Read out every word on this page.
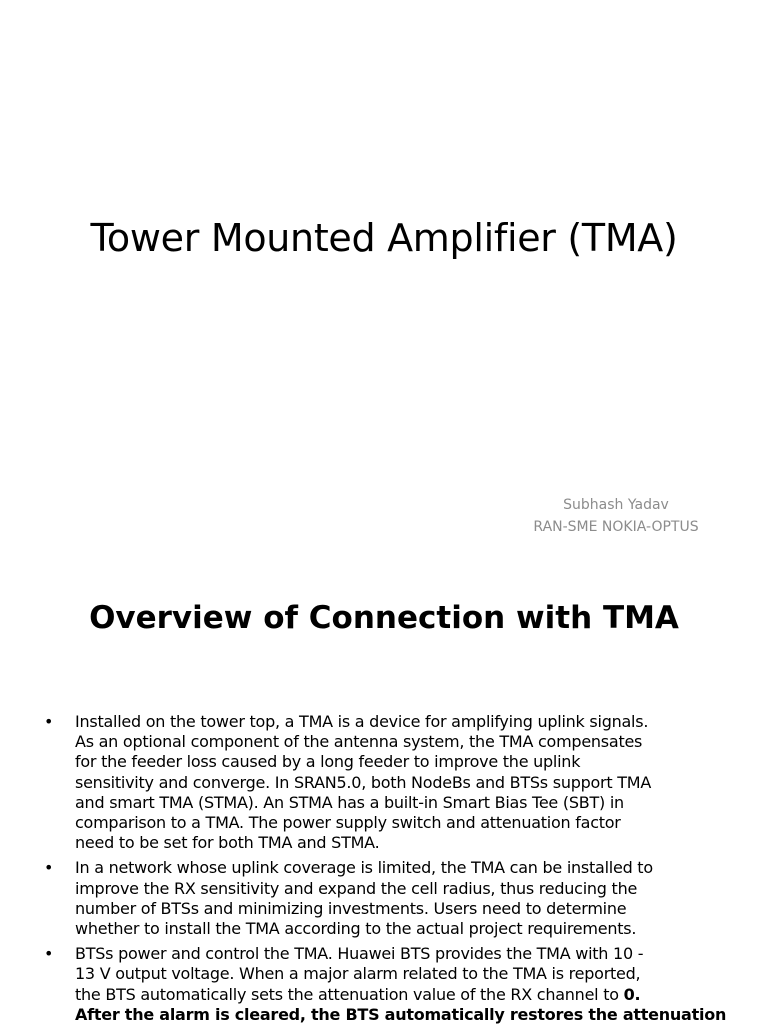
Tower Mounted Amplifier (TMA)
Subhash Yadav
RAN-SME NOKIA-OPTUS
Overview of Connection with TMA
• Installed on the tower top, a TMA is a device for amplifying uplink signals.
As an optional component of the antenna system, the TMA compensates
for the feeder loss caused by a long feeder to improve the uplink
sensitivity and converge. In SRAN5.0, both NodeBs and BTSs support TMA
and smart TMA (STMA). An STMA has a built-in Smart Bias Tee (SBT) in
comparison to a TMA. The power supply switch and attenuation factor
need to be set for both TMA and STMA.
• In a network whose uplink coverage is limited, the TMA can be installed to
improve the RX sensitivity and expand the cell radius, thus reducing the
number of BTSs and minimizing investments. Users need to determine
whether to install the TMA according to the actual project requirements.
• BTSs power and control the TMA. Huawei BTS provides the TMA with 10 -
13 V output voltage. When a major alarm related to the TMA is reported,
the BTS automatically sets the attenuation value of the RX channel to 0.
After the alarm is cleared, the BTS automatically restores the attenuation
